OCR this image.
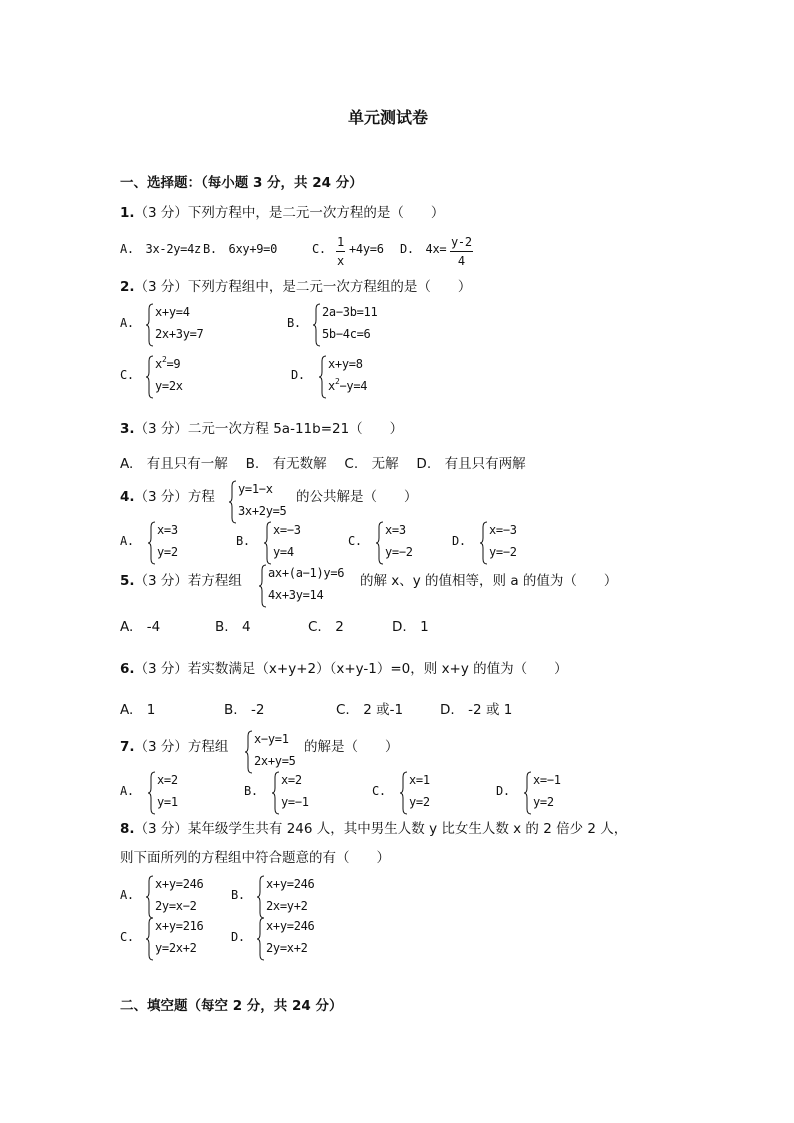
单元测试卷
一、选择题：（每小题 3 分，共 24 分）
1.（3 分）下列方程中，是二元一次方程的是（　　）
A.　3x-2y=4z B.　6xy+9=0	C. $\frac{1}{x} +4y=6$ D.　$4x= \frac{y-2}{4}$
2.（3 分）下列方程组中，是二元一次方程组的是（　　）
A.
x+y=4
2x+3y=7
B.
2a−3b=11
5b−4c=6
C.
$x^2=9$
y=2x
D.
x+y=8
$x^2-y=4$
3.（3 分）二元一次方程 5a-11b=21（　　）
A.　有且只有一解　 B.　有无数解　 C.　无解　 D.　有且只有两解
4.（3 分）方程 y=1−x
3x+2y=5
的公共解是（　　）
A.
x=3
y=2
B.
x=−3
y=4
C.
x=3
y=−2
D.
x=−3
y=−2
5.（3 分）若方程组 ax+(a−1)y=6
4x+3y=14
的解 x、y 的值相等，则 a 的值为（　　）
A.　-4	B.　4	C.　2	D.　1
6.（3 分）若实数满足（x+y+2）（x+y-1）=0，则 x+y 的值为（　　）
A.　1	B.　-2	C.　2 或-1	D.　-2 或 1
7.（3 分）方程组 x−y=1
2x+y=5
的解是（　　）
A.
x=2
y=1
B.
x=2
y=−1
C.
x=1
y=2
D.
x=−1
y=2
8.（3 分）某年级学生共有 246 人，其中男生人数 y 比女生人数 x 的 2 倍少 2 人，
则下面所列的方程组中符合题意的有（　　）
A.
x+y=246
2y=x−2
B.
x+y=246
2x=y+2
C.
x+y=216
y=2x+2
D.
x+y=246
2y=x+2
二、填空题（每空 2 分，共 24 分）
